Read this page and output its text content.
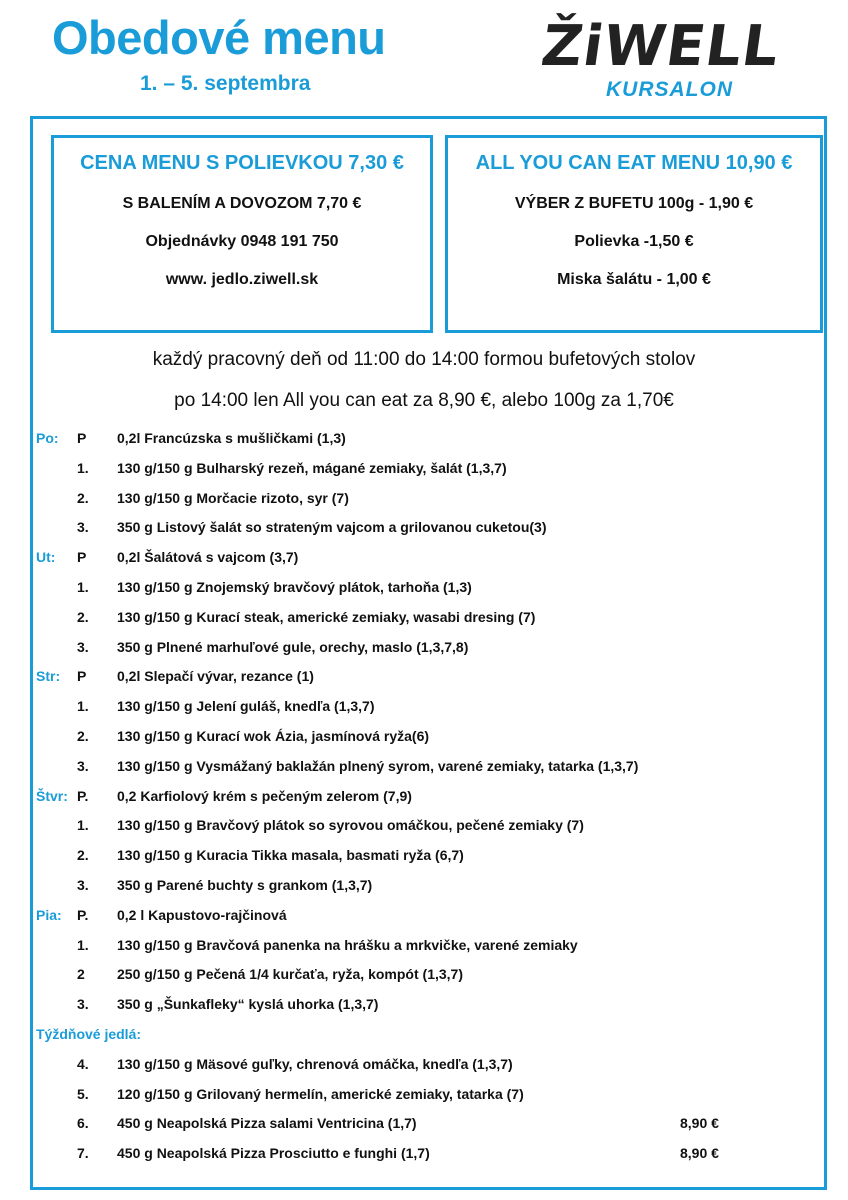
Obedové menu
1. – 5. septembra
ŽiWELL
KURSALON
CENA MENU S POLIEVKOU 7,30 €
S BALENÍM A DOVOZOM 7,70 €
Objednávky 0948 191 750
www. jedlo.ziwell.sk
ALL YOU CAN EAT MENU 10,90 €
VÝBER Z BUFETU 100g - 1,90 €
Polievka -1,50 €
Miska šalátu - 1,00 €
každý pracovný deň od 11:00 do 14:00 formou bufetových stolov
po 14:00 len All you can eat za 8,90 €, alebo 100g za 1,70€
Po: P 0,2l Francúzska s mušličkami (1,3)
1. 130 g/150 g Bulharský rezeň, mágané zemiaky, šalát (1,3,7)
2. 130 g/150 g Morčacie rizoto, syr (7)
3. 350 g Listový šalát so strateným vajcom a grilovanou cuketou(3)
Ut: P 0,2l Šalátová s vajcom (3,7)
1. 130 g/150 g Znojemský bravčový plátok, tarhoňa (1,3)
2. 130 g/150 g Kurací steak, americké zemiaky, wasabi dresing (7)
3. 350 g Plnené marhuľové gule, orechy, maslo (1,3,7,8)
Str: P 0,2l Slepačí vývar, rezance (1)
1. 130 g/150 g Jelení guláš, knedľa (1,3,7)
2. 130 g/150 g Kurací wok Ázia, jasmínová ryža(6)
3. 130 g/150 g Vysmážaný baklažán plnený syrom, varené zemiaky, tatarka (1,3,7)
Štvr: P. 0,2 Karfiolový krém s pečeným zelerom (7,9)
1. 130 g/150 g Bravčový plátok so syrovou omáčkou, pečené zemiaky (7)
2. 130 g/150 g Kuracia Tikka masala, basmati ryža (6,7)
3. 350 g Parené buchty s grankom (1,3,7)
Pia: P. 0,2 l Kapustovo-rajčinová
1. 130 g/150 g Bravčová panenka na hrášku a mrkvičke, varené zemiaky
2 250 g/150 g Pečená 1/4 kurčaťa, ryža, kompót (1,3,7)
3. 350 g „Šunkafleky“ kyslá uhorka (1,3,7)
Týždňové jedlá:
4. 130 g/150 g Mäsové guľky, chrenová omáčka, knedľa (1,3,7)
5. 120 g/150 g Grilovaný hermelín, americké zemiaky, tatarka (7)
6. 450 g Neapolská Pizza salami Ventricina (1,7)	8,90 €
7. 450 g Neapolská Pizza Prosciutto e funghi (1,7)	8,90 €
